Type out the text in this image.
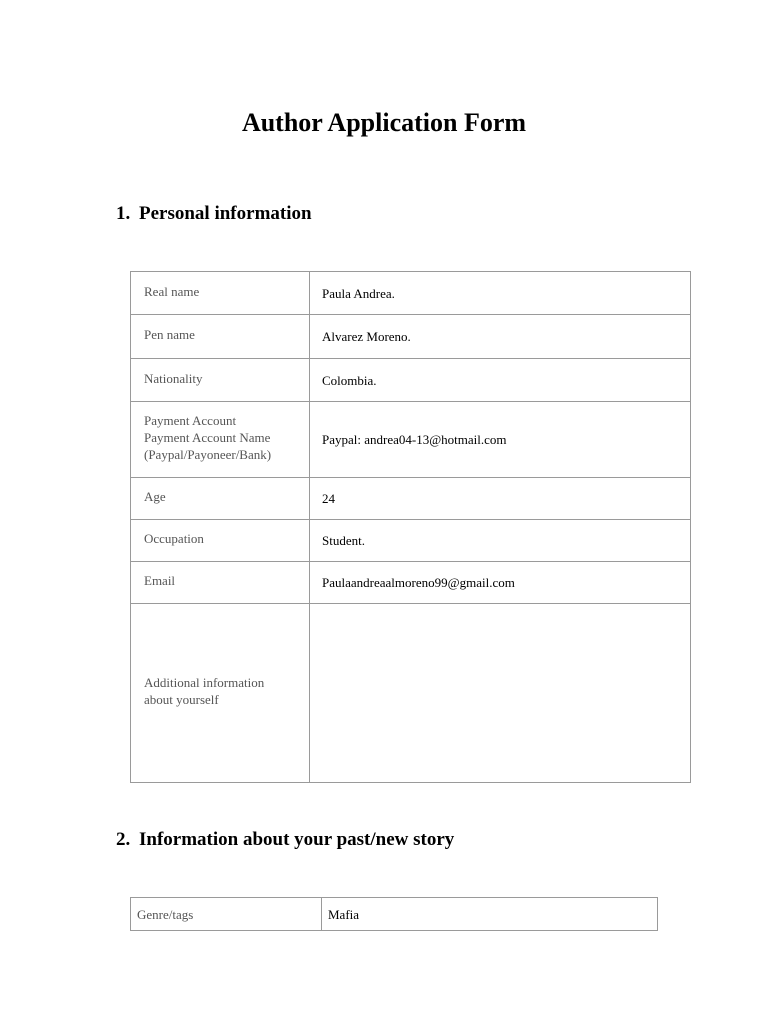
Author Application Form
1. Personal information
Real name	Paula Andrea.

Pen name	Alvarez Moreno.

Nationality	Colombia.

Payment Account
Payment Account Name
(Paypal/Payoneer/Bank)	Paypal: andrea04-13@hotmail.com

Age	24

Occupation	Student.

Email	Paulaandreaalmoreno99@gmail.com

Additional information
about yourself	

2. Information about your past/new story
Genre/tags	Mafia
